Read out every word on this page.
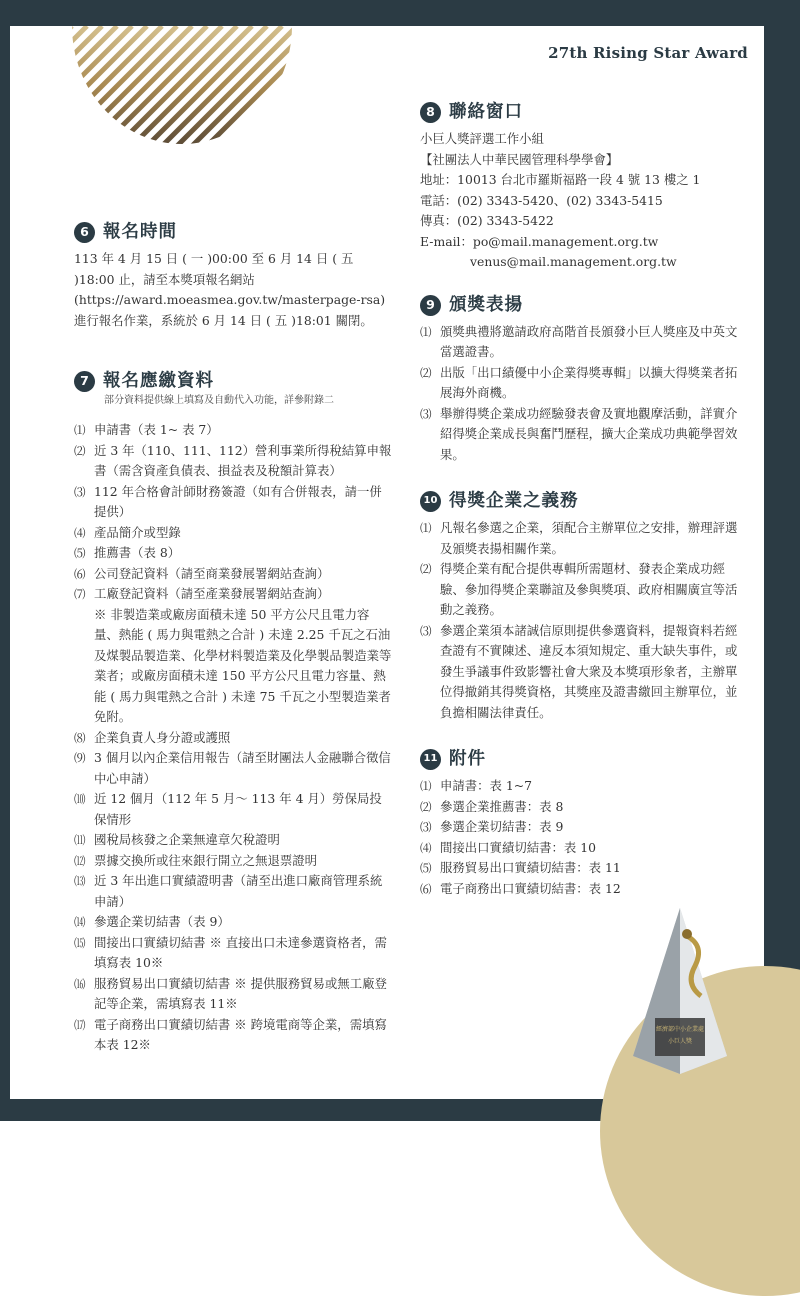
經濟部中小企業處
小巨人獎
27th Rising Star Award
6 報名時間

113 年 4 月 15 日 ( 一 )00:00 至 6 月 14 日 ( 五 )18:00 止，請至本獎項報名網站 (https://award.moeasmea.gov.tw/masterpage-rsa) 進行報名作業，系統於 6 月 14 日 ( 五 )18:01 關閉。

7 報名應繳資料
部分資料提供線上填寫及自動代入功能，詳參附錄二
⑴ 申請書（表 1~ 表 7）
⑵ 近 3 年（110、111、112）營利事業所得稅結算申報書（需含資產負債表、損益表及稅額計算表）
⑶ 112 年合格會計師財務簽證（如有合併報表，請一併提供）
⑷ 產品簡介或型錄
⑸ 推薦書（表 8）
⑹ 公司登記資料（請至商業發展署網站查詢）
⑺ 工廠登記資料（請至產業發展署網站查詢）
※ 非製造業或廠房面積未達 50 平方公尺且電力容量、熱能 ( 馬力與電熱之合計 ) 未達 2.25 千瓦之石油及煤製品製造業、化學材料製造業及化學製品製造業等業者；或廠房面積未達 150 平方公尺且電力容量、熱能 ( 馬力與電熱之合計 ) 未達 75 千瓦之小型製造業者免附。
⑻ 企業負責人身分證或護照
⑼ 3 個月以內企業信用報告（請至財團法人金融聯合徵信中心申請）
⑽ 近 12 個月（112 年 5 月～ 113 年 4 月）勞保局投保情形
⑾ 國稅局核發之企業無違章欠稅證明
⑿ 票據交換所或往來銀行開立之無退票證明
⒀ 近 3 年出進口實績證明書（請至出進口廠商管理系統申請）
⒁ 參選企業切結書（表 9）
⒂ 間接出口實績切結書 ※ 直接出口未達參選資格者，需填寫表 10※
⒃ 服務貿易出口實績切結書 ※ 提供服務貿易或無工廠登記等企業，需填寫表 11※
⒄ 電子商務出口實績切結書 ※ 跨境電商等企業，需填寫本表 12※
8 聯絡窗口
小巨人獎評選工作小組
【社團法人中華民國管理科學學會】
地址：10013 台北市羅斯福路一段 4 號 13 樓之 1
電話：(02) 3343-5420、(02) 3343-5415
傳真：(02) 3343-5422
E-mail：po@mail.management.org.tw
venus@mail.management.org.tw
9 頒獎表揚
⑴ 頒獎典禮將邀請政府高階首長頒發小巨人獎座及中英文當選證書。
⑵ 出版「出口績優中小企業得獎專輯」以擴大得獎業者拓展海外商機。
⑶ 舉辦得獎企業成功經驗發表會及實地觀摩活動，詳實介紹得獎企業成長與奮鬥歷程，擴大企業成功典範學習效果。
10 得獎企業之義務
⑴ 凡報名參選之企業，須配合主辦單位之安排，辦理評選及頒獎表揚相關作業。
⑵ 得獎企業有配合提供專輯所需題材、發表企業成功經驗、參加得獎企業聯誼及參與獎項、政府相關廣宣等活動之義務。
⑶ 參選企業須本諸誠信原則提供參選資料，提報資料若經查證有不實陳述、違反本須知規定、重大缺失事件，或發生爭議事件致影響社會大衆及本獎項形象者，主辦單位得撤銷其得獎資格，其獎座及證書繳回主辦單位，並負擔相關法律責任。
11 附件
⑴ 申請書：表 1~7
⑵ 參選企業推薦書：表 8
⑶ 參選企業切結書：表 9
⑷ 間接出口實績切結書：表 10
⑸ 服務貿易出口實績切結書：表 11
⑹ 電子商務出口實績切結書：表 12
